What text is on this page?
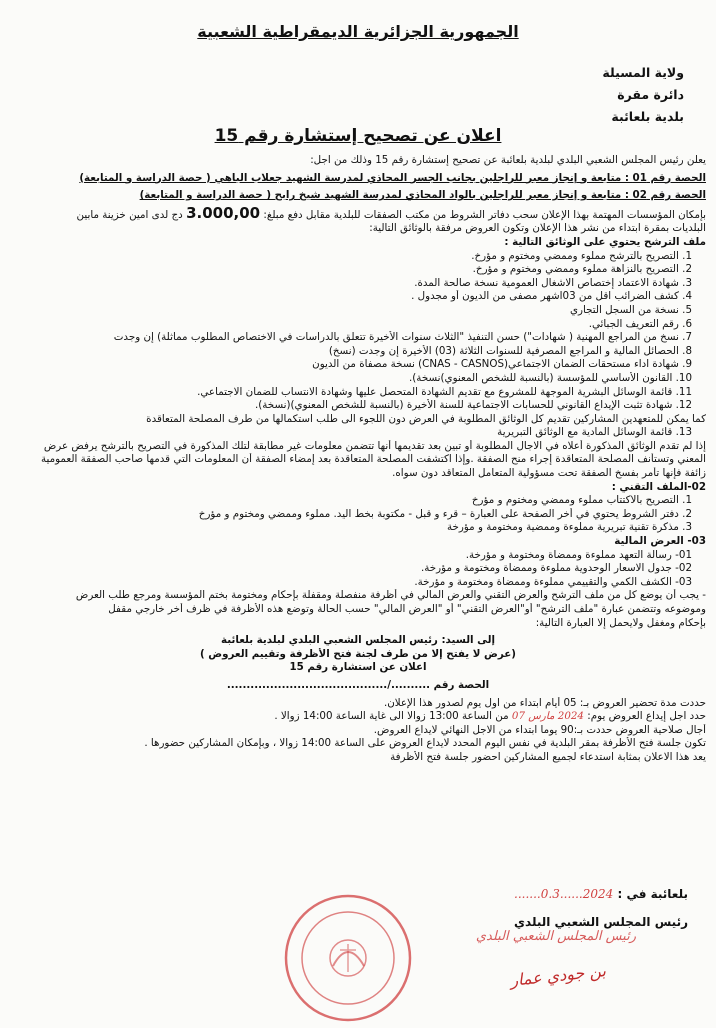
الجمهورية الجزائرية الديمقراطية الشعبية
ولاية المسيلة
دائرة مقرة
بلدية بلعائبة
اعلان عن تصحيح إستشارة رقم 15

يعلن رئيس المجلس الشعبي البلدي لبلدية بلعائبة عن تصحيح إستشارة رقم 15 وذلك من اجل:

الحصة رقم 01 : متابعة و إنجاز معبر للراجلين بجانب الجسر المحاذي لمدرسة الشهيد جعلاب الباهي ( حصة الدراسة و المتابعة)

الحصة رقم 02 : متابعة و إنجاز معبر للراجلين بالواد المحاذي لمدرسة الشهيد شيخ رابح ( حصة الدراسة و المتابعة)

بإمكان المؤسسات المهتمة بهذا الإعلان سحب دفاتر الشروط من مكتب الصفقات للبلدية مقابل دفع مبلغ: 3.000,00 دج لدى امين خزينة مابين

البلديات بمقرة ابتداء من نشر هذا الإعلان وتكون العروض مرفقة بالوثائق التالية:

ملف الترشح يحتوي على الوثائق التالية :

1. التصريح بالترشح مملوء وممضي ومختوم و مؤرخ.

2. التصريح بالنزاهة مملوء وممضي ومختوم و مؤرخ.

3. شهادة الاعتماد إختصاص الاشغال العمومية نسخة صالحة المدة.

4. كشف الضرائب اقل من 03اشهر مصفى من الديون أو مجدول .

5. نسخة من السجل التجاري

6. رقم التعريف الجبائي.

7. نسخ من المراجع المهنية ( شهادات") حسن التنفيذ "الثلاث سنوات الأخيرة تتعلق بالدراسات في الاختصاص المطلوب مماثلة) إن وجدت

8. الحصائل المالية و المراجع المصرفية للسنوات الثلاثة (03) الأخيرة إن وجدت (نسخ)

9. شهادة اداء مستحقات الضمان الاجتماعي(CNAS - CASNOS) نسخة مصفاة من الديون

10. القانون الأساسي للمؤسسة (بالنسبة للشخص المعنوي)نسخة).

11. قائمة الوسائل البشرية الموجهة للمشروع مع تقديم الشهادة المتحصل عليها وشهادة الانتساب للضمان الاجتماعي.

12. شهادة تثبت الإيداع القانوني للحسابات الاجتماعية للسنة الأخيرة (بالنسبة للشخص المعنوي)(نسخة).

كما يمكن للمتعهدين المشاركين تقديم كل الوثائق المطلوبة في العرض دون اللجوء الى طلب استكمالها من طرف المصلحة المتعاقدة

13. قائمة الوسائل المادية مع الوثائق التبريرية

إذا لم تقدم الوثائق المذكورة أعلاه في الاجال المطلوبة أو تبين بعد تقديمها أنها تتضمن معلومات غير مطابقة لتلك المذكورة في التصريح بالترشح يرفض عرض

المعني وتستأنف المصلحة المتعاقدة إجراء منح الصفقة .وإذا اكتشفت المصلحة المتعاقدة بعد إمضاء الصفقة أن المعلومات التي قدمها صاحب الصفقة العمومية

زائفة فإنها تأمر بفسخ الصفقة تحت مسؤولية المتعامل المتعاقد دون سواه.

02-الملف التقني :

1. التصريح بالاكتتاب مملوء وممضي ومختوم و مؤرخ

2. دفتر الشروط يحتوي في أخر الصفحة على العبارة – قرء و قبل - مكتوبة بخط اليد. مملوء وممضي ومختوم و مؤرخ

3. مذكرة تقنية تبريرية مملوءة وممضية ومختومة و مؤرخة

03- العرض المالية

01- رسالة التعهد مملوءة وممضاة ومختومة و مؤرخة.

02- جدول الاسعار الوحدوية مملوءة وممضاة ومختومة و مؤرخة.

03- الكشف الكمي والتقييمي مملوءة وممضاة ومختومة و مؤرخة.

- يجب أن يوضع كل من ملف الترشح والعرض التقني والعرض المالي في أظرفة منفصلة ومقفلة بإحكام ومختومة بختم المؤسسة ومرجع طلب العرض

وموضوعه وتتضمن عبارة "ملف الترشح" أو"العرض التقني" أو "العرض المالي" حسب الحالة وتوضع هذه الأظرفة في ظرف أخر خارجي مقفل

بإحكام ومغفل ولايحمل إلا العبارة التالية:

إلى السيد: رئيس المجلس الشعبي البلدي لبلدية بلعائبة

(عرض لا يفتح إلا من طرف لجنة فتح الأظرفة وتقييم العروض )

اعلان عن استشارة رقم 15

الحصة رقم ........../.........................................

حددت مدة تحضير العروض بـ: 05 أيام ابتداء من اول يوم لصدور هذا الإعلان.

حدد اجل إيداع العروض يوم: 2024 مارس 07 من الساعة 13:00 زوالا الى غاية الساعة 14:00 زوالا .

أجال صلاحية العروض حددت بـ:90 يوما ابتداء من الاجل النهائي لايداع العروض.

تكون جلسة فتح الأظرفة بمقر البلدية في نفس اليوم المحدد لايداع العروض على الساعة 14:00 زوالا ، وبإمكان المشاركين حضورها .

يعد هذا الاعلان بمثابة استدعاء لجميع المشاركين احضور جلسة فتح الأظرفة

بلعائبة في : 2024......0.3.......
رئيس المجلس الشعبي البلدي
رئيس المجلس الشعبي البلدي
بن جودي عمار
